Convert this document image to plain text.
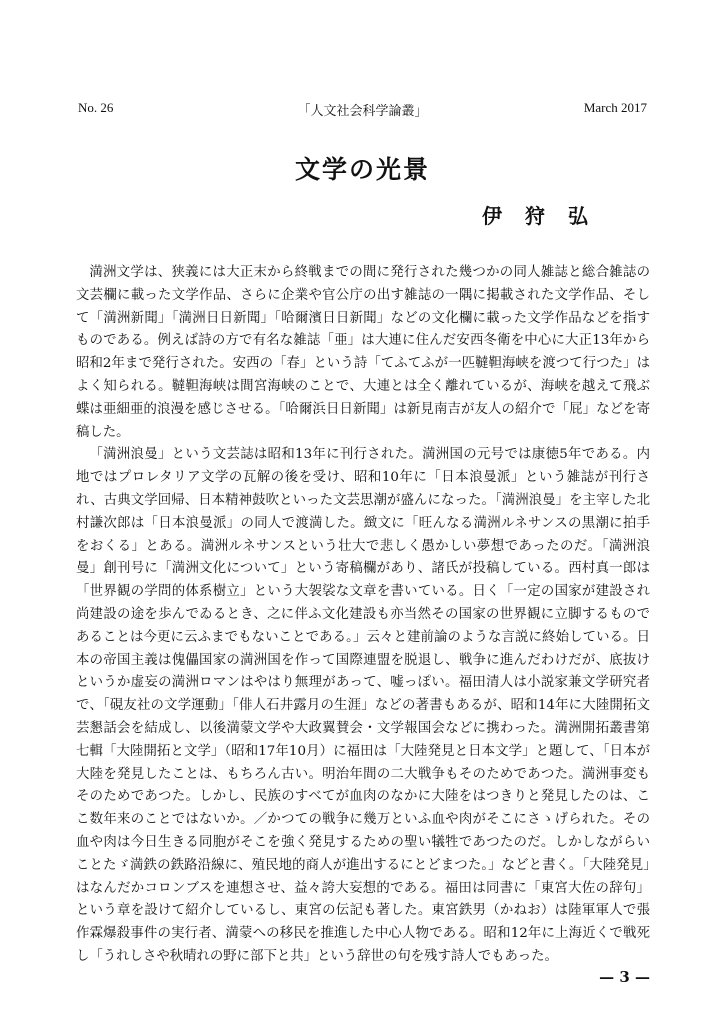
No. 26	「人文社会科学論叢」	March 2017
文学の光景
伊狩弘

満洲文学は、狭義には大正末から終戦までの間に発行された幾つかの同人雑誌と総合雑誌の文芸欄に載った文学作品、さらに企業や官公庁の出す雑誌の一隅に掲載された文学作品、そして「満洲新聞」「満洲日日新聞」「哈爾濱日日新聞」などの文化欄に載った文学作品などを指すものである。例えば詩の方で有名な雑誌「亜」は大連に住んだ安西冬衛を中心に大正13年から昭和2年まで発行された。安西の「春」という詩「てふてふが一匹韃靼海峡を渡つて行つた」はよく知られる。韃靼海峡は間宮海峡のことで、大連とは全く離れているが、海峡を越えて飛ぶ蝶は亜細亜的浪漫を感じさせる。「哈爾浜日日新聞」は新見南吉が友人の紹介で「屁」などを寄稿した。

「満洲浪曼」という文芸誌は昭和13年に刊行された。満洲国の元号では康徳5年である。内地ではプロレタリア文学の瓦解の後を受け、昭和10年に「日本浪曼派」という雑誌が刊行され、古典文学回帰、日本精神鼓吹といった文芸思潮が盛んになった。「満洲浪曼」を主宰した北村謙次郎は「日本浪曼派」の同人で渡満した。緻文に「旺んなる満洲ルネサンスの黒潮に拍手をおくる」とある。満洲ルネサンスという壮大で悲しく愚かしい夢想であったのだ。「満洲浪曼」創刊号に「満洲文化について」という寄稿欄があり、諸氏が投稿している。西村真一郎は「世界観の学問的体系樹立」という大袈裟な文章を書いている。日く「一定の国家が建設され尚建設の途を歩んでゐるとき、之に伴ふ文化建設も亦当然その国家の世界観に立脚するものであることは今更に云ふまでもないことである。」云々と建前論のような言説に終始している。日本の帝国主義は傀儡国家の満洲国を作って国際連盟を脱退し、戦争に進んだわけだが、底抜けというか虚妄の満洲ロマンはやはり無理があって、嘘っぽい。福田清人は小説家兼文学研究者で、「硯友社の文学運動」「俳人石井露月の生涯」などの著書もあるが、昭和14年に大陸開拓文芸懇話会を結成し、以後満蒙文学や大政翼賛会・文学報国会などに携わった。満洲開拓叢書第七輯「大陸開拓と文学」（昭和17年10月）に福田は「大陸発見と日本文学」と題して、「日本が大陸を発見したことは、もちろん古い。明治年間の二大戦争もそのためであつた。満洲事変もそのためであつた。しかし、民族のすべてが血肉のなかに大陸をはつきりと発見したのは、ここ数年来のことではないか。／かつての戦争に幾万といふ血や肉がそこにさゝげられた。その血や肉は今日生きる同胞がそこを強く発見するための聖い犠牲であつたのだ。しかしながらいことたゞ満鉄の鉄路沿線に、殖民地的商人が進出するにとどまつた。」などと書く。「大陸発見」はなんだかコロンブスを連想させ、益々誇大妄想的である。福田は同書に「東宮大佐の辞句」という章を設けて紹介しているし、東宮の伝記も著した。東宮鉄男（かねお）は陸軍軍人で張作霖爆殺事件の実行者、満蒙への移民を推進した中心人物である。昭和12年に上海近くで戦死し「うれしさや秋晴れの野に部下と共」という辞世の句を残す詩人でもあった。

— 3 —
